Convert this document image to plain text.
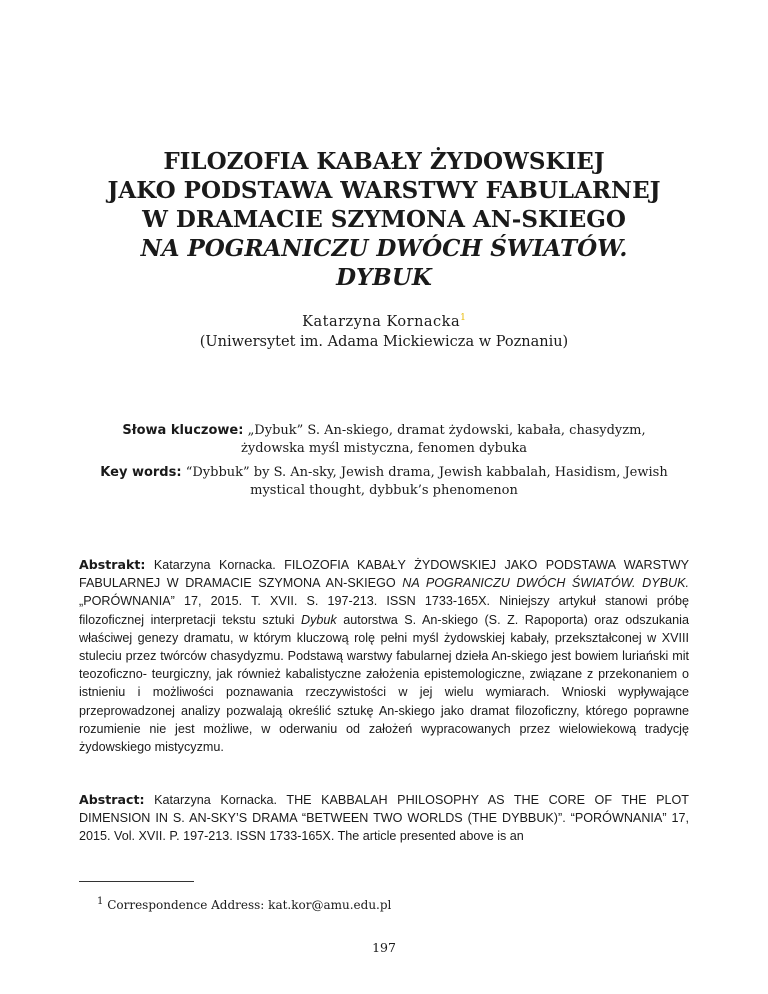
FILOZOFIA KABAŁY ŻYDOWSKIEJ
JAKO PODSTAWA WARSTWY FABULARNEJ
W DRAMACIE SZYMONA AN-SKIEGO
NA POGRANICZU DWÓCH ŚWIATÓW.
DYBUK
Katarzyna Kornacka$^1$
(Uniwersytet im. Adama Mickiewicza w Poznaniu)
Słowa kluczowe: „Dybuk” S. An-skiego, dramat żydowski, kabała, chasydyzm, żydowska myśl mistyczna, fenomen dybuka
Key words: “Dybbuk” by S. An-sky, Jewish drama, Jewish kabbalah, Hasidism, Jewish mystical thought, dybbuk’s phenomenon
Abstrakt: Katarzyna Kornacka. FILOZOFIA KABAŁY ŻYDOWSKIEJ JAKO PODSTAWA WARSTWY FABULARNEJ W DRAMACIE SZYMONA AN-SKIEGO NA POGRANICZU DWÓCH ŚWIATÓW. DYBUK. „PORÓWNANIA” 17, 2015. T. XVII. S. 197-213. ISSN 1733-165X. Niniejszy artykuł stanowi próbę filozoficznej interpretacji tekstu sztuki Dybuk autorstwa S. An-skiego (S. Z. Rapoporta) oraz odszukania właściwej genezy dramatu, w którym kluczową rolę pełni myśl żydowskiej kabały, przekształconej w XVIII stuleciu przez twórców chasydyzmu. Podstawą warstwy fabularnej dzieła An-skiego jest bowiem luriański mit teozoficzno- teurgiczny, jak również kabalistyczne założenia epistemologiczne, związane z przekonaniem o istnieniu i możliwości poznawania rzeczywistości w jej wielu wymiarach. Wnioski wypływające przeprowadzonej analizy pozwalają określić sztukę An-skiego jako dramat filozoficzny, którego poprawne rozumienie nie jest możliwe, w oderwaniu od założeń wypracowanych przez wielowiekową tradycję żydowskiego mistycyzmu.
Abstract: Katarzyna Kornacka. THE KABBALAH PHILOSOPHY AS THE CORE OF THE PLOT DIMENSION IN S. AN-SKY’S DRAMA “BETWEEN TWO WORLDS (THE DYBBUK)”. “PORÓWNANIA” 17, 2015. Vol. XVII. P. 197-213. ISSN 1733-165X. The article presented above is an
$^1$ Correspondence Address: kat.kor@amu.edu.pl
197
